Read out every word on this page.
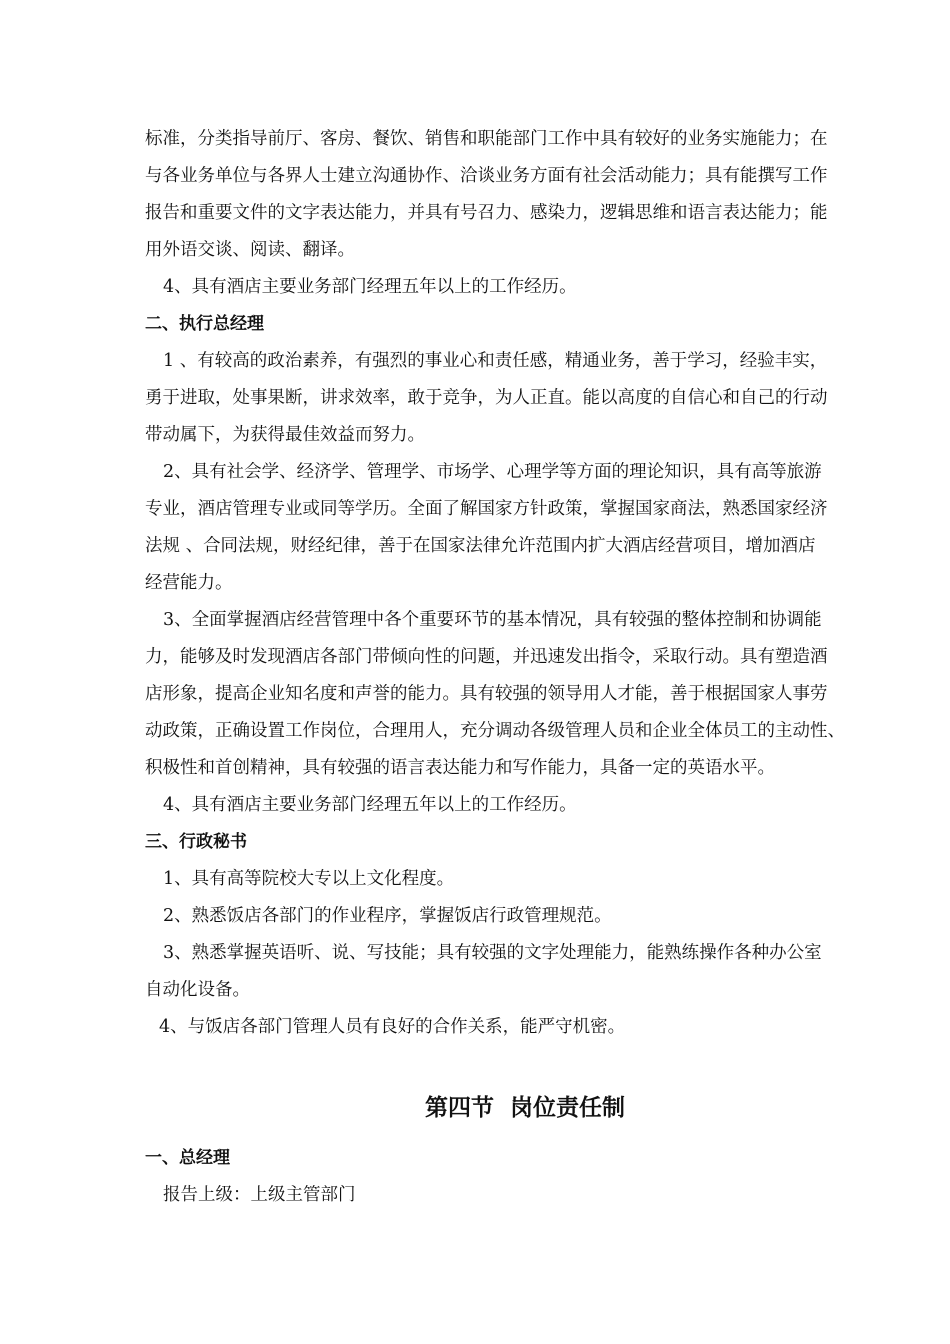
标准，分类指导前厅、客房、餐饮、销售和职能部门工作中具有较好的业务实施能力；在
与各业务单位与各界人士建立沟通协作、洽谈业务方面有社会活动能力；具有能撰写工作
报告和重要文件的文字表达能力，并具有号召力、感染力，逻辑思维和语言表达能力；能
用外语交谈、阅读、翻译。
4、具有酒店主要业务部门经理五年以上的工作经历。
二、执行总经理
1 、有较高的政治素养，有强烈的事业心和责任感，精通业务，善于学习，经验丰实，
勇于进取，处事果断，讲求效率，敢于竞争，为人正直。能以高度的自信心和自己的行动
带动属下，为获得最佳效益而努力。
2、具有社会学、经济学、管理学、市场学、心理学等方面的理论知识，具有高等旅游
专业，酒店管理专业或同等学历。全面了解国家方针政策，掌握国家商法，熟悉国家经济
法规 、合同法规，财经纪律，善于在国家法律允许范围内扩大酒店经营项目，增加酒店
经营能力。
3、全面掌握酒店经营管理中各个重要环节的基本情况，具有较强的整体控制和协调能
力，能够及时发现酒店各部门带倾向性的问题，并迅速发出指令，采取行动。具有塑造酒
店形象，提高企业知名度和声誉的能力。具有较强的领导用人才能，善于根据国家人事劳
动政策，正确设置工作岗位，合理用人，充分调动各级管理人员和企业全体员工的主动性、
积极性和首创精神，具有较强的语言表达能力和写作能力，具备一定的英语水平。
4、具有酒店主要业务部门经理五年以上的工作经历。
三、行政秘书
1、具有高等院校大专以上文化程度。
2、熟悉饭店各部门的作业程序，掌握饭店行政管理规范。
3、熟悉掌握英语听、说、写技能；具有较强的文字处理能力，能熟练操作各种办公室
自动化设备。
4、与饭店各部门管理人员有良好的合作关系，能严守机密。
第四节  岗位责任制
一、总经理
报告上级：上级主管部门
